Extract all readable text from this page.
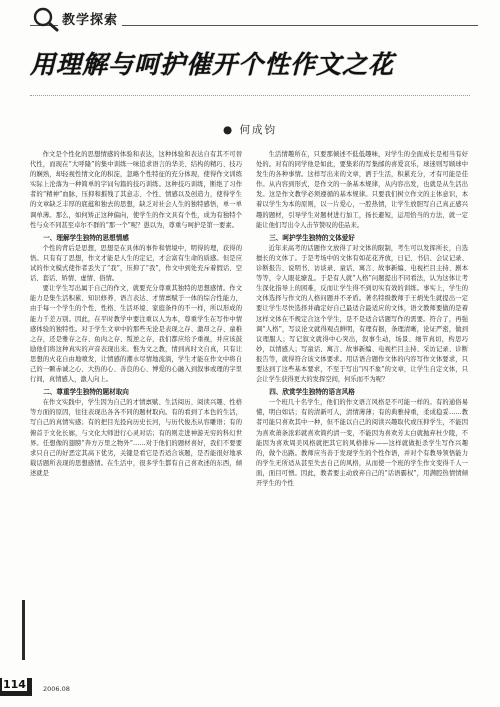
教学探索
用理解与呵护催开个性作文之花
● 何成钧

作文是个性化的思想情感的体验和表达，这种体验和表达自有其不可替代性，而现在“大呼隆”的集中训练一味追求语言的华美、结构的精巧、技巧的娴熟，却轻视性情文化的积淀，忽略个性特征的充分体现，使得作文训练实际上沦落为一种简单的字词句篇的技巧训练。这种技巧训练，断绝了习作者的“精神”血脉，压抑和摧残了其意志、个性、情感以及创造力，使得学生的文章缺乏丰厚的底蕴和独去的思想，缺乏对社会人生的独特感悟，单一单调单薄。那么，如何矫正这种偏向，使学生的作文具有个性，成为有独特个性与众不同甚至卓尔不群的“那一个”呢？愚以为，尊重与呵护是第一要素。

一、理解学生独特的思想情感

个性的背后是思想，思想是在具体的事件和情境中，明得的理，获得的悟。只有有了思想，作文才能是人生的定记，才会富有生命的质感。但是应试的作文模式使作者丢失了“我”，压抑了“我”，作文中到处充斥着假话、空话、套话、矫情、虚情、俗情。

要让学生写出属于自己的作文，就要充分尊重其独特的思想感情。作文能力是集生活积累、知识修养、语言表达、才情禀赋于一体的综合性能力，由于每一个学生的个性、性格、生活环境、家庭条件的不一样，所以形成的能力千差万别。因此，在平时教学中要注重以人为本，尊重学生在写作中情感体验的独特性。对于学生文章中的那些无论是表现之存、激昂之存、童稚之存，还是雅存之存、鱼肉之存、叛逆之存，我们都应给予重视，并应该鼓励他们将这种真实的声音表现出来。惟为文之教，情到真时文自真，只有让思想的火花自由地喷发，让情感的潮水尽情地流淌，学生才能在作文中将自己的一颗赤诚之心、大热的心、善良的心、博爱的心融入到叙事或理的字里行间，真情感人，激人向上。

二、尊重学生独特的题材取向

在作文实践中，学生因为自己的才情禀赋、生活阅历、阅读兴趣、性格等方面的原因，往往表现出各各不同的题材取向。有的看到了本色的生活，写自己的真情实感；有的把目光投向历史长河，与历代俊杰从容雕语；有的俯首于文化长廊，与文化大师进行心灵对话；有的则走进神游无穷的科幻世界。任想像的翅膀“奔方万里之物外”……对于他们的题材喜好，我们不要要求只自己的好恶定其高下优劣，关键是看它是否适合该题，是否能很好地承载话题所表现的思想感情。在生活中，很多学生都有自己喜欢述的东西，倾述就是

生活情趣所在，只要那倾述不低低趣味，对学生的全面成长是相当有好处的。对有的同学他是如此，要集彩的写集邮的喜爱哀乐，球迷则写顾球中发生的各种事情。这样写出来的文章，洒于生活，积累充分，才有可能是佳作。从内容到形式，是作文的一条基本规律，从内容出发，也就是从生活出发。这是作文教学必须遵循的基本规律。只要我们树立作文的主体意识，本着以学生为本的原则，以一片爱心，一腔热情，让学生放胆写自己真正感兴趣的题材，引导学生对题材进行加工，扬长避短，运用恰当的方法，就一定能让他们写出令人击节赞叹的佳品来。

三、呵护学生独特的文体爱好

近年来高考的话题作文放得了对文体的限制，考生可以发挥所长，自选擅长的文体了。于是考场中的文体有如花花齐放，日记、书信、会议记录、诊断报告、说明书、访谈录、童话、寓言、故事新编、电视栏目主持、剧本等等，令人眼花缭乱。于是有人就“人格”问题提出不同看法，认为这体让考生深化指导上的困难，反而让学生得不到切实有效的训练。事实上，学生的文体选择与作文的人格问题并不矛盾。著名特级教师于王炳先生就提出一定要让学生尽快选择并确定好自己最适合最适应的文体，语文教师要做的是着这样文体在不规定合这个学生，是不是适合话题写作的需要。符合了，再强调“人格”，写议论文就得观点鲜明，有理有据，条理清晰，论证严密，做到议理服人；写记叙文就得中心突出，叙事生动，场景、细节真切，构思巧妙，以情感人；写童话、寓言、故事新编、电视栏目主持、采访记录、诊断报告等，就得符合该文体要求。用话语合题作文体的内容写作文体要求，只要达到了这些基本要求，不至于写出“四不象”的文章，让学生自定文体，只会让学生获得更大的发挥空间，何乐而不为呢？

四、欣赏学生独特的语言风格

一个班几十名学生，他们的作文语言风格是不可能一样的。有的通俗易懂，明白如话；有的清新可人，清情薄薄；有的典雅持重，柔成稳妥……教者可能只喜欢其中一种，但不能以自己的阅读兴趣取代或压抑学生，不能因为喜欢萧条浓彩就喜欢简约清一变，不能因为喜欢芳太白就抛弃杜少陵，不能因为喜欢周美风格就把其它的风格排斥——这样就做扼杀学生写作兴趣的，做个出路。教师应当善于发现学生的个性作语，并对个有教导领悟能力的学生无所适从甚至失去自己的风格，从而使一个班的学生作文变得千人一面，面目可憎。因此，教者要主动放弃自己的“话语霸权”，用满腔热情情倾开学生的个性

114	2006.08
